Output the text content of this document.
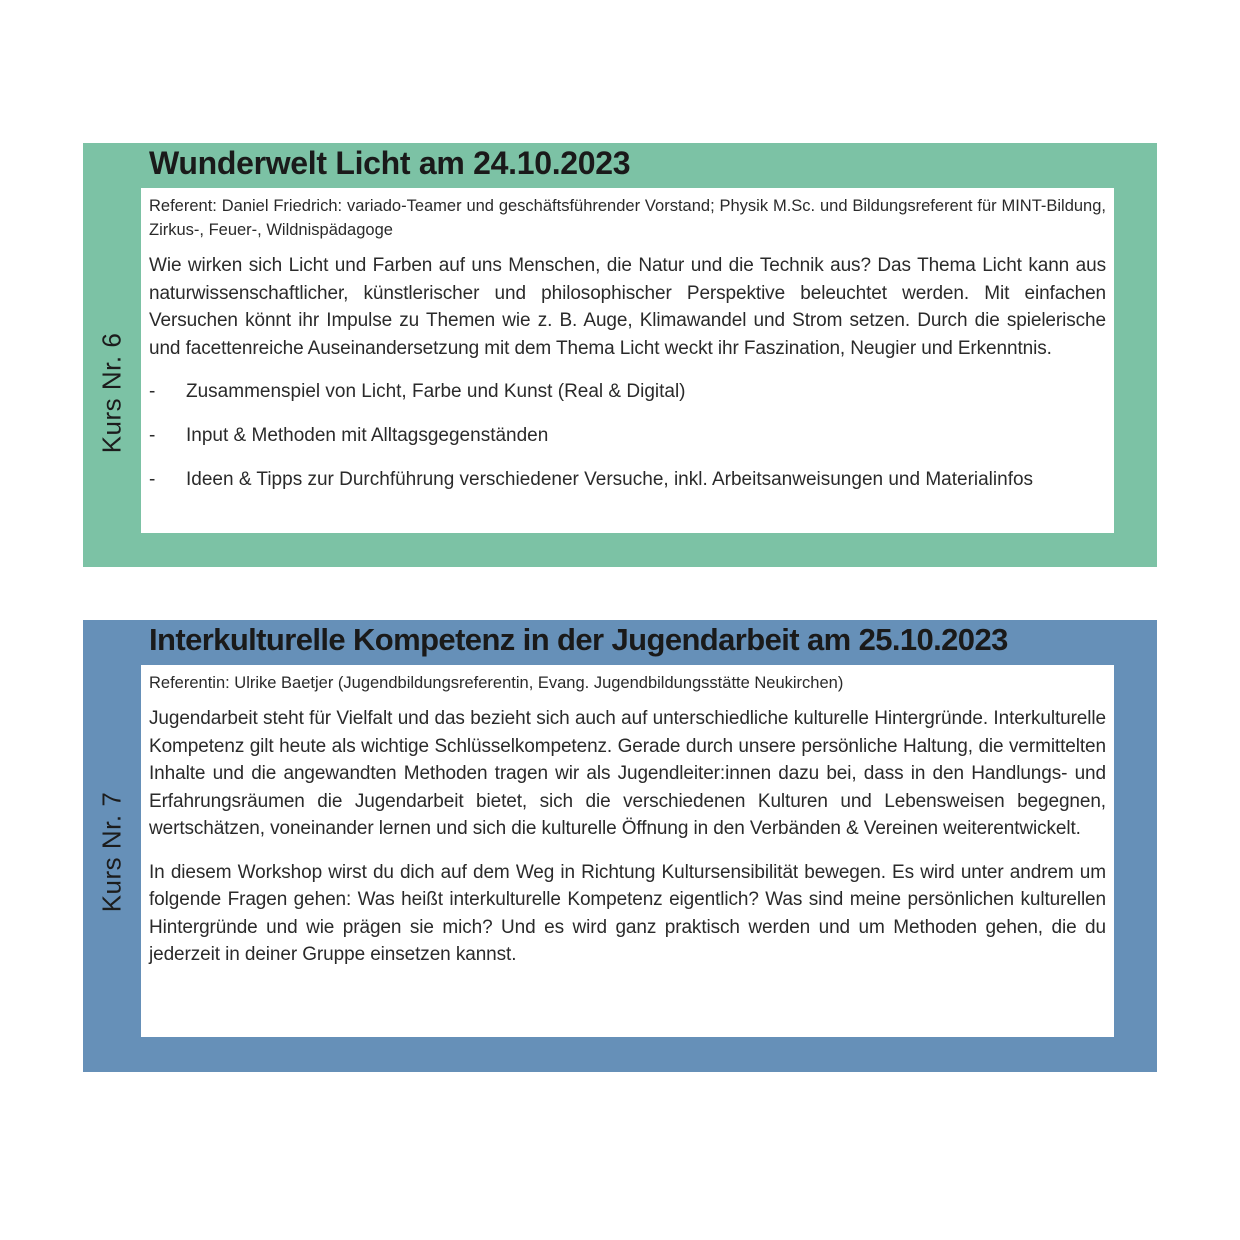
Kurs Nr. 6
Wunderwelt Licht am 24.10.2023

Referent: Daniel Friedrich: variado-Teamer und geschäftsführender Vorstand; Physik M.Sc. und Bildungsreferent für MINT-Bildung, Zirkus-, Feuer-, Wildnispädagoge

Wie wirken sich Licht und Farben auf uns Menschen, die Natur und die Technik aus? Das Thema Licht kann aus naturwissenschaftlicher, künstlerischer und philosophischer Perspektive beleuchtet werden. Mit einfachen Versuchen könnt ihr Impulse zu Themen wie z. B. Auge, Klimawandel und Strom setzen. Durch die spielerische und facettenreiche Auseinandersetzung mit dem Thema Licht weckt ihr Faszination, Neugier und Erkenntnis.

-	Zusammenspiel von Licht, Farbe und Kunst (Real & Digital)
-	Input & Methoden mit Alltagsgegenständen
-	Ideen & Tipps zur Durchführung verschiedener Versuche, inkl. Arbeitsanweisungen und Materialinfos
Kurs Nr. 7
Interkulturelle Kompetenz in der Jugendarbeit am 25.10.2023

Referentin: Ulrike Baetjer (Jugendbildungsreferentin, Evang. Jugendbildungsstätte Neukirchen)

Jugendarbeit steht für Vielfalt und das bezieht sich auch auf unterschiedliche kulturelle Hintergründe. Interkulturelle Kompetenz gilt heute als wichtige Schlüsselkompetenz. Gerade durch unsere persönliche Haltung, die vermittelten Inhalte und die angewandten Methoden tragen wir als Jugendleiter:innen dazu bei, dass in den Handlungs- und Erfahrungsräumen die Jugendarbeit bietet, sich die verschiedenen Kulturen und Lebensweisen begegnen, wertschätzen, voneinander lernen und sich die kulturelle Öffnung in den Verbänden & Vereinen weiterentwickelt.

In diesem Workshop wirst du dich auf dem Weg in Richtung Kultursensibilität bewegen. Es wird unter andrem um folgende Fragen gehen: Was heißt interkulturelle Kompetenz eigentlich? Was sind meine persönlichen kulturellen Hintergründe und wie prägen sie mich? Und es wird ganz praktisch werden und um Methoden gehen, die du jederzeit in deiner Gruppe einsetzen kannst.
